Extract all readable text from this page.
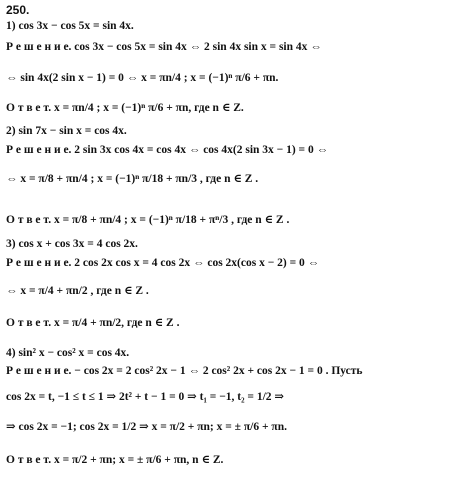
250.
1) cos 3x − cos 5x = sin 4x.
Р е ш е н и е. cos 3x − cos 5x = sin 4x ⇔ 2 sin 4x sin x = sin 4x ⇔
⇔ sin 4x(2 sin x − 1) = 0 ⇔ x = πn/4 ; x = (−1)ⁿ π/6 + πn.
О т в е т. x = πn/4 ; x = (−1)ⁿ π/6 + πn, где n ∈ Z.
2) sin 7x − sin x = cos 4x.
Р е ш е н и е. 2 sin 3x cos 4x = cos 4x ⇔ cos 4x(2 sin 3x − 1) = 0 ⇔
⇔ x = π/8 + πn/4 ; x = (−1)ⁿ π/18 + πn/3 , где n ∈ Z .
О т в е т. x = π/8 + πn/4 ; x = (−1)ⁿ π/18 + πⁿ/3 , где n ∈ Z .
3) cos x + cos 3x = 4 cos 2x.
Р е ш е н и е. 2 cos 2x cos x = 4 cos 2x ⇔ cos 2x(cos x − 2) = 0 ⇔
⇔ x = π/4 + πn/2 , где n ∈ Z .
О т в е т. x = π/4 + πn/2, где n ∈ Z .
4) sin² x − cos² x = cos 4x.
Р е ш е н и е. − cos 2x = 2 cos² 2x − 1 ⇔ 2 cos² 2x + cos 2x − 1 = 0 . Пусть
cos 2x = t, −1 ≤ t ≤ 1 ⇒ 2t² + t − 1 = 0 ⇒ t₁ = −1, t₂ = 1/2 ⇒
⇒ cos 2x = −1; cos 2x = 1/2 ⇒ x = π/2 + πn; x = ± π/6 + πn.
О т в е т. x = π/2 + πn; x = ± π/6 + πn, n ∈ Z.
